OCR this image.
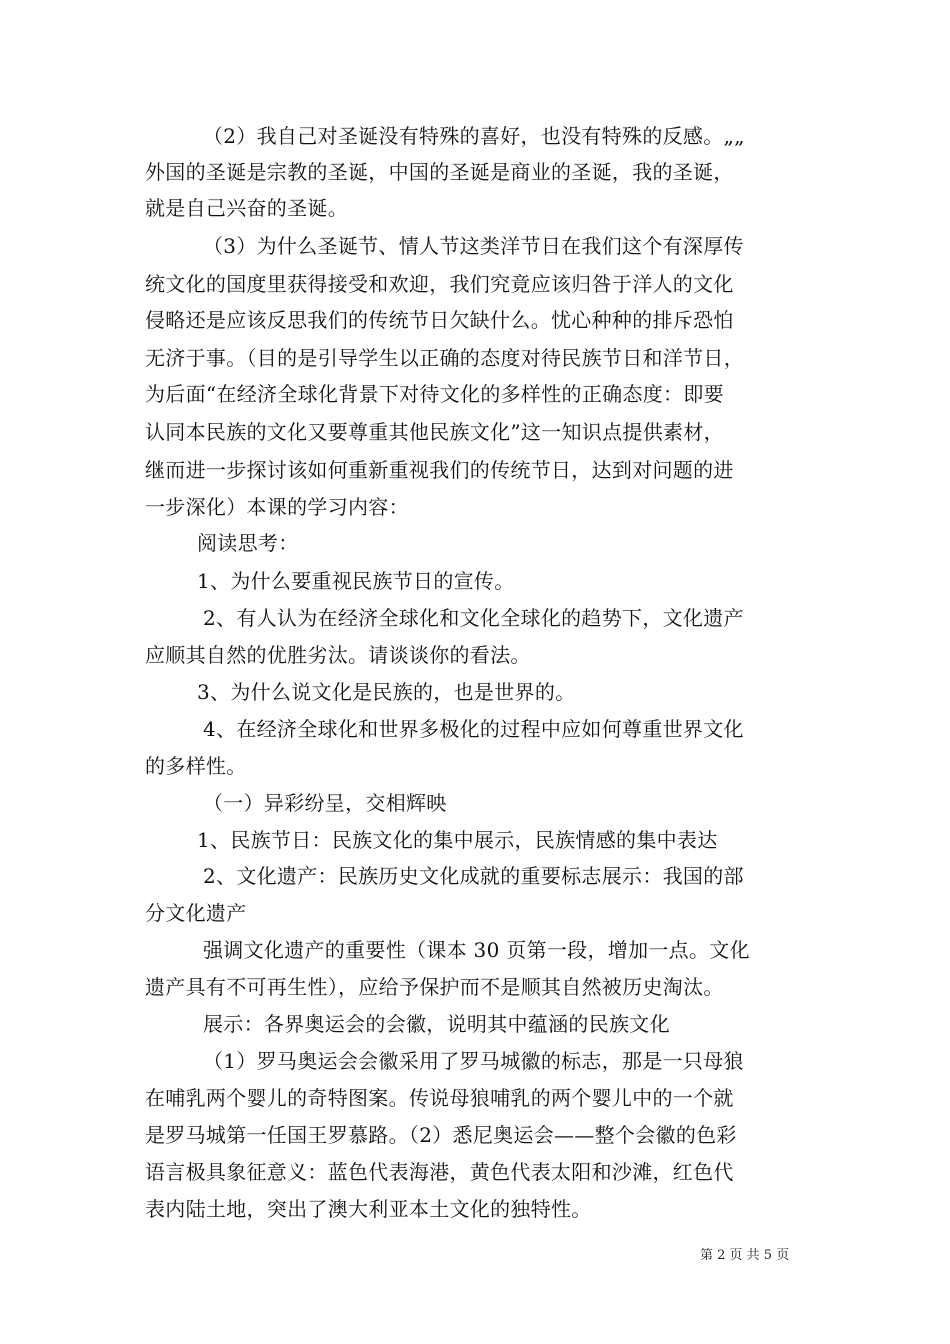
（2）我自己对圣诞没有特殊的喜好，也没有特殊的反感。„„
外国的圣诞是宗教的圣诞，中国的圣诞是商业的圣诞，我的圣诞，
就是自己兴奋的圣诞。
（3）为什么圣诞节、情人节这类洋节日在我们这个有深厚传
统文化的国度里获得接受和欢迎，我们究竟应该归咎于洋人的文化
侵略还是应该反思我们的传统节日欠缺什么。忧心种种的排斥恐怕
无济于事。（目的是引导学生以正确的态度对待民族节日和洋节日，
为后面“在经济全球化背景下对待文化的多样性的正确态度：即要
认同本民族的文化又要尊重其他民族文化”这一知识点提供素材，
继而进一步探讨该如何重新重视我们的传统节日，达到对问题的进
一步深化）本课的学习内容：
阅读思考：
1、为什么要重视民族节日的宣传。
2、有人认为在经济全球化和文化全球化的趋势下，文化遗产
应顺其自然的优胜劣汰。请谈谈你的看法。
3、为什么说文化是民族的，也是世界的。
4、在经济全球化和世界多极化的过程中应如何尊重世界文化
的多样性。
（一）异彩纷呈，交相辉映
1、民族节日：民族文化的集中展示，民族情感的集中表达
2、文化遗产：民族历史文化成就的重要标志展示：我国的部
分文化遗产
强调文化遗产的重要性（课本 30 页第一段，增加一点。文化
遗产具有不可再生性），应给予保护而不是顺其自然被历史淘汰。
展示：各界奥运会的会徽，说明其中蕴涵的民族文化
（1）罗马奥运会会徽采用了罗马城徽的标志，那是一只母狼
在哺乳两个婴儿的奇特图案。传说母狼哺乳的两个婴儿中的一个就
是罗马城第一任国王罗慕路。（2）悉尼奥运会——整个会徽的色彩
语言极具象征意义：蓝色代表海港，黄色代表太阳和沙滩，红色代
表内陆土地，突出了澳大利亚本土文化的独特性。
第 2 页 共 5 页
